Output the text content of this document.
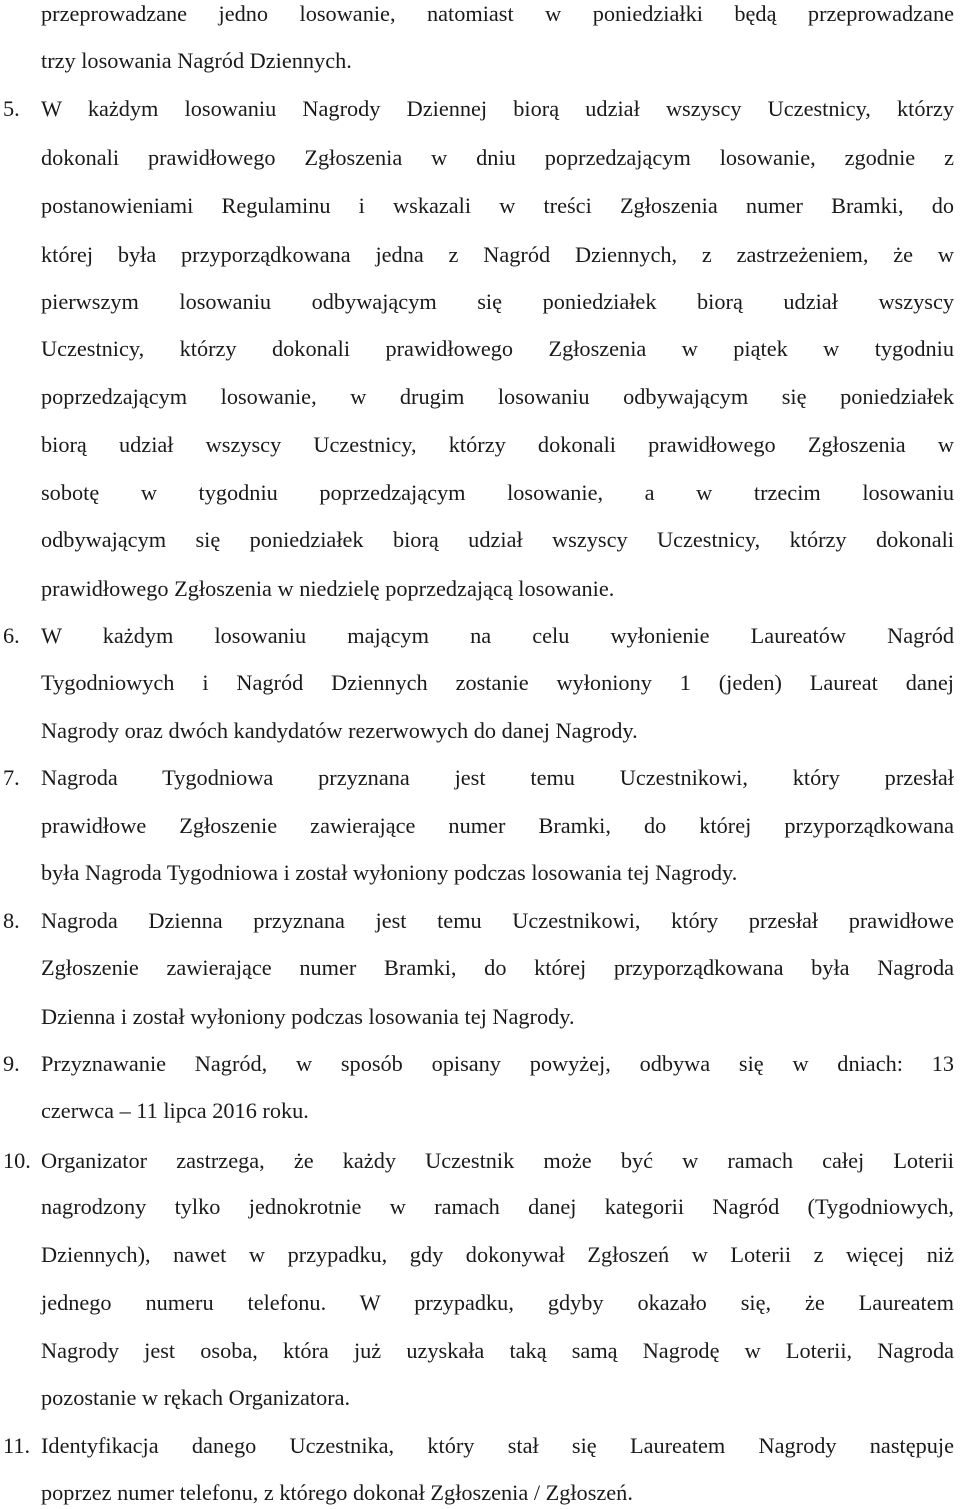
przeprowadzane jedno losowanie, natomiast w poniedziałki będą przeprowadzane
trzy losowania Nagród Dziennych.
5. W każdym losowaniu Nagrody Dziennej biorą udział wszyscy Uczestnicy, którzy
dokonali prawidłowego Zgłoszenia w dniu poprzedzającym losowanie, zgodnie z
postanowieniami Regulaminu i wskazali w treści Zgłoszenia numer Bramki, do
której była przyporządkowana jedna z Nagród Dziennych, z zastrzeżeniem, że w
pierwszym losowaniu odbywającym się poniedziałek biorą udział wszyscy
Uczestnicy, którzy dokonali prawidłowego Zgłoszenia w piątek w tygodniu
poprzedzającym losowanie, w drugim losowaniu odbywającym się poniedziałek
biorą udział wszyscy Uczestnicy, którzy dokonali prawidłowego Zgłoszenia w
sobotę w tygodniu poprzedzającym losowanie, a w trzecim losowaniu
odbywającym się poniedziałek biorą udział wszyscy Uczestnicy, którzy dokonali
prawidłowego Zgłoszenia w niedzielę poprzedzającą losowanie.
6. W każdym losowaniu mającym na celu wyłonienie Laureatów Nagród
Tygodniowych i Nagród Dziennych zostanie wyłoniony 1 (jeden) Laureat danej
Nagrody oraz dwóch kandydatów rezerwowych do danej Nagrody.
7. Nagroda Tygodniowa przyznana jest temu Uczestnikowi, który przesłał
prawidłowe Zgłoszenie zawierające numer Bramki, do której przyporządkowana
była Nagroda Tygodniowa i został wyłoniony podczas losowania tej Nagrody.
8. Nagroda Dzienna przyznana jest temu Uczestnikowi, który przesłał prawidłowe
Zgłoszenie zawierające numer Bramki, do której przyporządkowana była Nagroda
Dzienna i został wyłoniony podczas losowania tej Nagrody.
9. Przyznawanie Nagród, w sposób opisany powyżej, odbywa się w dniach: 13
czerwca – 11 lipca 2016 roku.
10. Organizator zastrzega, że każdy Uczestnik może być w ramach całej Loterii
nagrodzony tylko jednokrotnie w ramach danej kategorii Nagród (Tygodniowych,
Dziennych), nawet w przypadku, gdy dokonywał Zgłoszeń w Loterii z więcej niż
jednego numeru telefonu. W przypadku, gdyby okazało się, że Laureatem
Nagrody jest osoba, która już uzyskała taką samą Nagrodę w Loterii, Nagroda
pozostanie w rękach Organizatora.
11. Identyfikacja danego Uczestnika, który stał się Laureatem Nagrody następuje
poprzez numer telefonu, z którego dokonał Zgłoszenia / Zgłoszeń.
